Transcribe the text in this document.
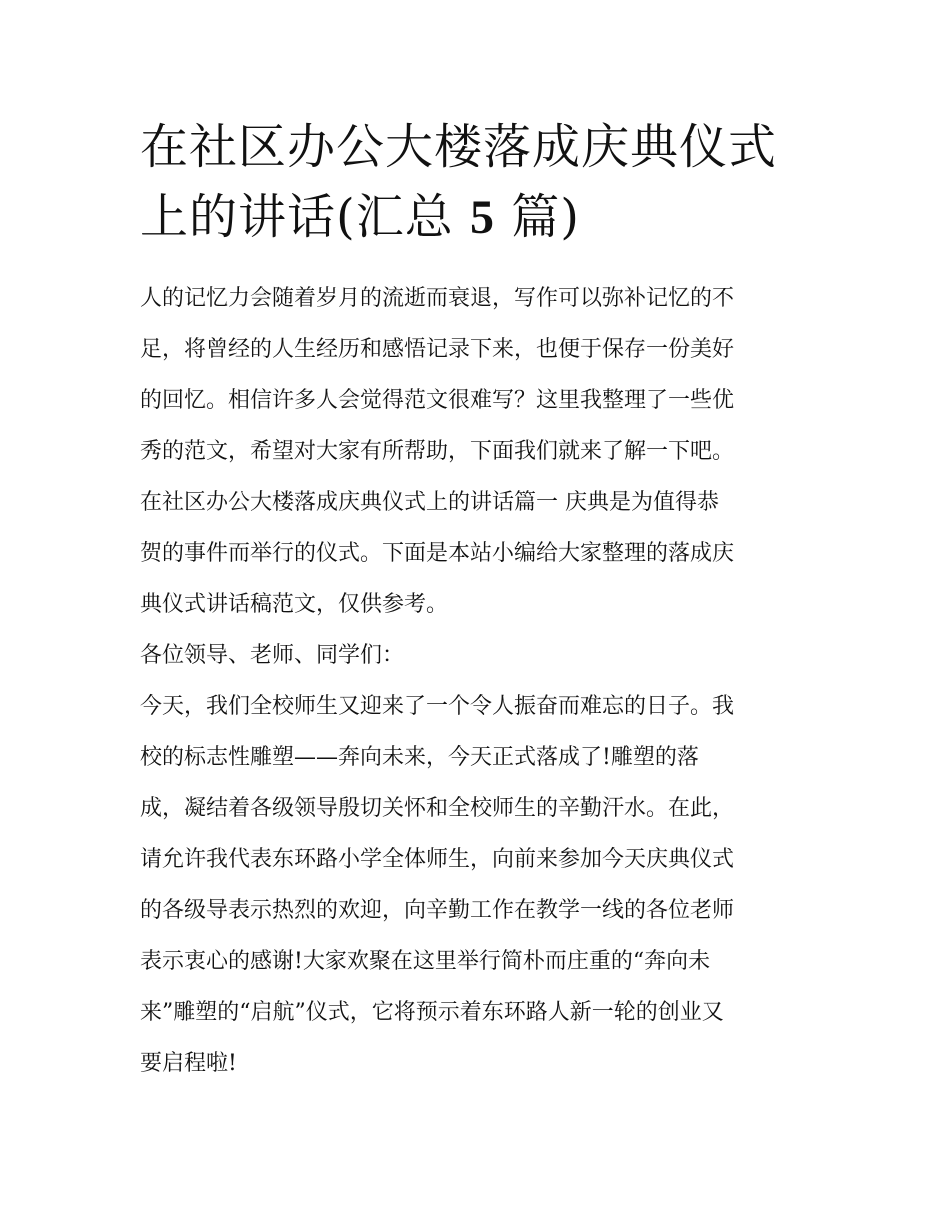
在社区办公大楼落成庆典仪式
上的讲话(汇总 5 篇)
人的记忆力会随着岁月的流逝而衰退，写作可以弥补记忆的不
足，将曾经的人生经历和感悟记录下来，也便于保存一份美好
的回忆。相信许多人会觉得范文很难写？这里我整理了一些优
秀的范文，希望对大家有所帮助，下面我们就来了解一下吧。
在社区办公大楼落成庆典仪式上的讲话篇一 庆典是为值得恭
贺的事件而举行的仪式。下面是本站小编给大家整理的落成庆
典仪式讲话稿范文，仅供参考。
各位领导、老师、同学们：
今天，我们全校师生又迎来了一个令人振奋而难忘的日子。我
校的标志性雕塑——奔向未来，今天正式落成了!雕塑的落
成，凝结着各级领导殷切关怀和全校师生的辛勤汗水。在此，
请允许我代表东环路小学全体师生，向前来参加今天庆典仪式
的各级导表示热烈的欢迎，向辛勤工作在教学一线的各位老师
表示衷心的感谢!大家欢聚在这里举行简朴而庄重的“奔向未
来”雕塑的“启航”仪式，它将预示着东环路人新一轮的创业又
要启程啦!
